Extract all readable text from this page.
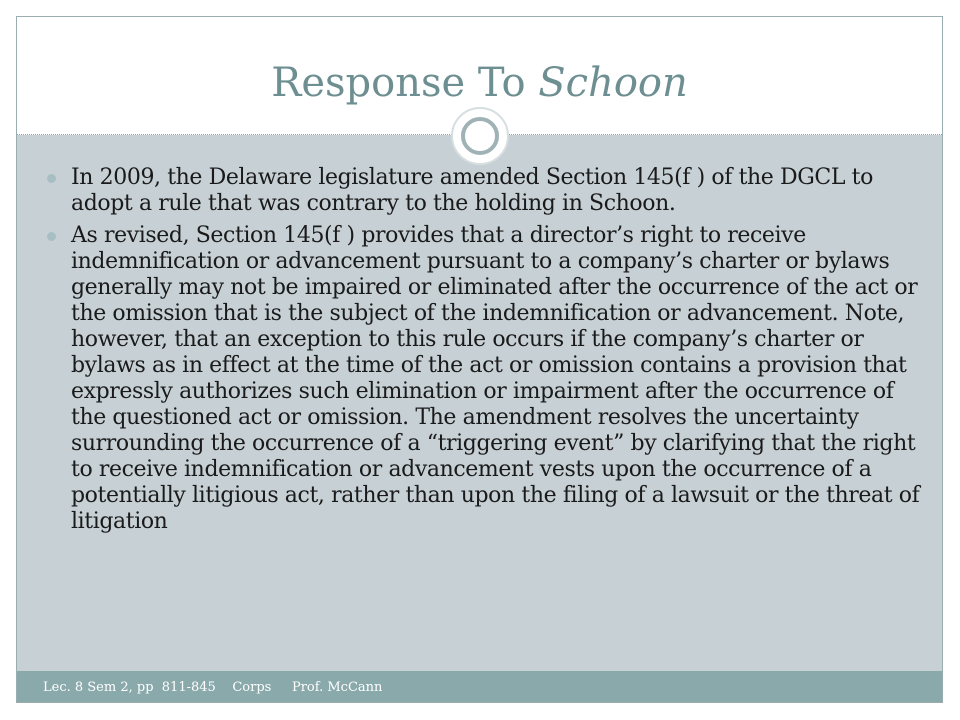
Response To Schoon
In 2009, the Delaware legislature amended Section 145(f ) of the DGCL to adopt a rule that was contrary to the holding in Schoon.
As revised, Section 145(f ) provides that a director’s right to receive indemnification or advancement pursuant to a company’s charter or bylaws generally may not be impaired or eliminated after the occurrence of the act or the omission that is the subject of the indemnification or advancement. Note, however, that an exception to this rule occurs if the company’s charter or bylaws as in effect at the time of the act or omission contains a provision that expressly authorizes such elimination or impairment after the occurrence of the questioned act or omission. The amendment resolves the uncertainty surrounding the occurrence of a “triggering event” by clarifying that the right to receive indemnification or advancement vests upon the occurrence of a potentially litigious act, rather than upon the filing of a lawsuit or the threat of litigation
Lec. 8 Sem 2, pp  811-845    Corps     Prof. McCann
